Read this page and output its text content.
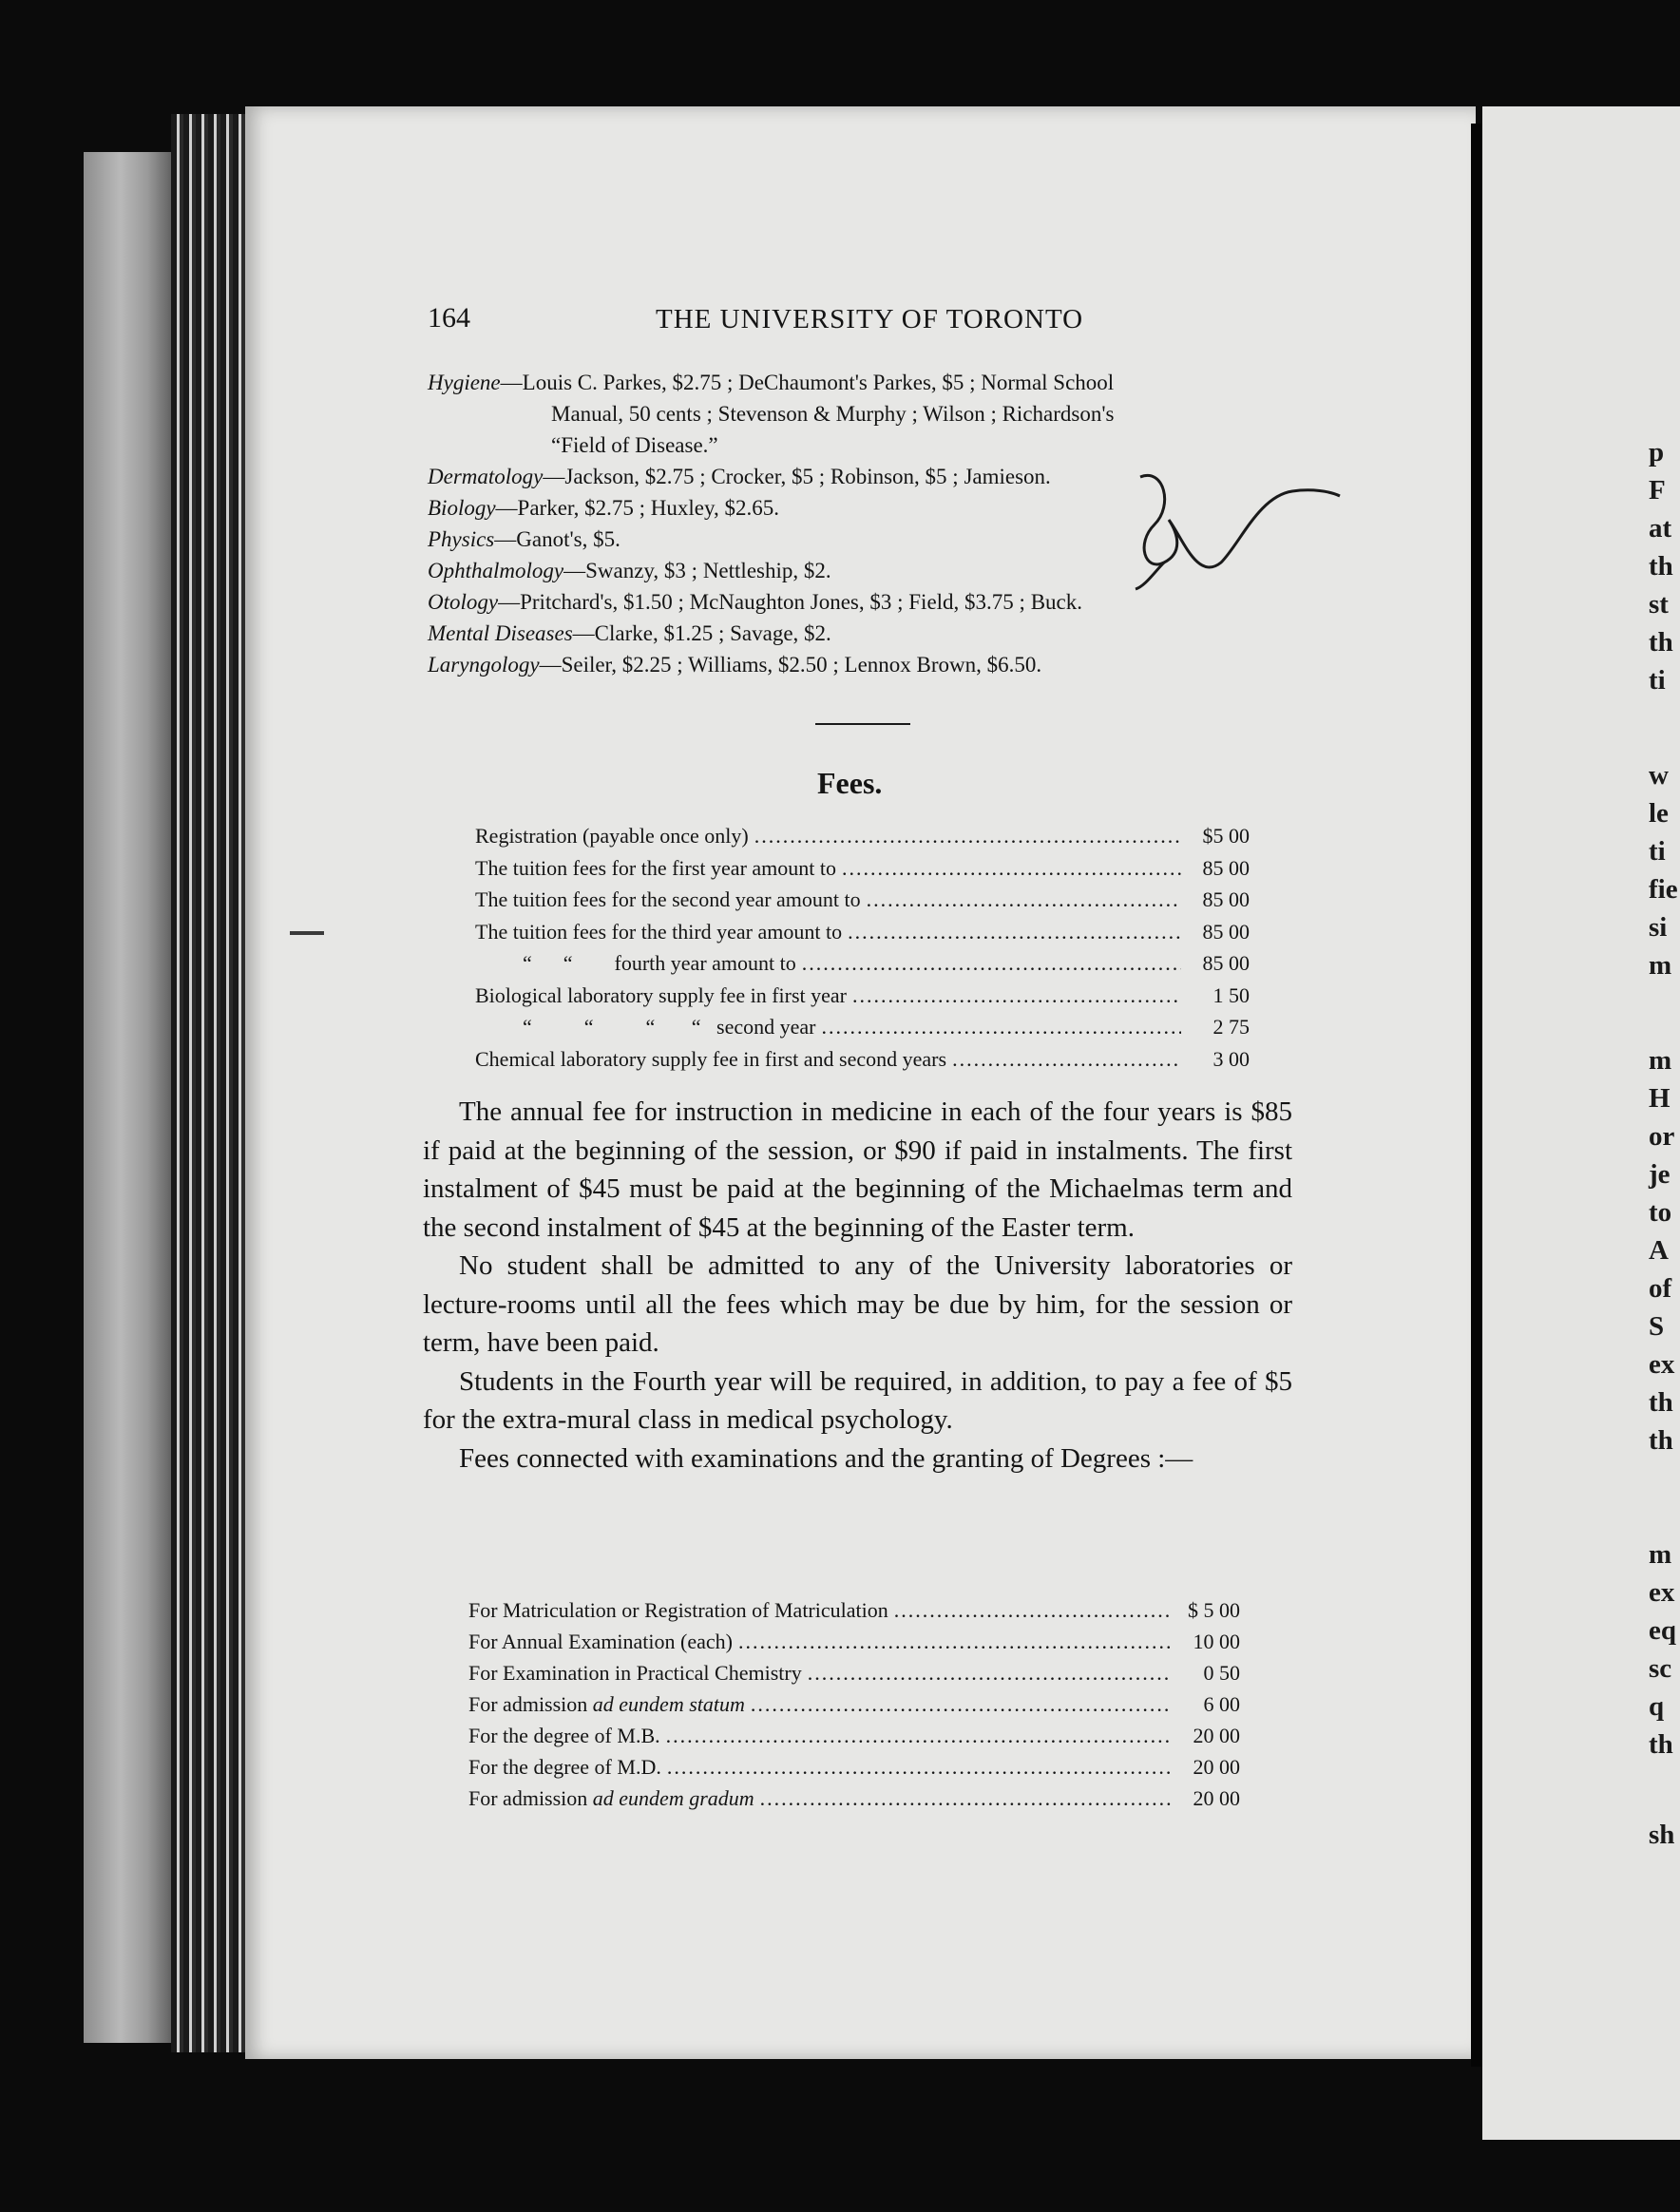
164	THE UNIVERSITY OF TORONTO
Hygiene—Louis C. Parkes, $2.75 ; DeChaumont's Parkes, $5 ; Normal School
Manual, 50 cents ; Stevenson & Murphy ; Wilson ; Richardson's
“Field of Disease.”
Dermatology—Jackson, $2.75 ; Crocker, $5 ; Robinson, $5 ; Jamieson.
Biology—Parker, $2.75 ; Huxley, $2.65.
Physics—Ganot's, $5.
Ophthalmology—Swanzy, $3 ; Nettleship, $2.
Otology—Pritchard's, $1.50 ; McNaughton Jones, $3 ; Field, $3.75 ; Buck.
Mental Diseases—Clarke, $1.25 ; Savage, $2.
Laryngology—Seiler, $2.25 ; Williams, $2.50 ; Lennox Brown, $6.50.
Fees.
Registration (payable once only) .....	$5 00
The tuition fees for the first year amount to .....	85 00
The tuition fees for the second year amount to .....	85 00
The tuition fees for the third year amount to .....	85 00
“      “        fourth year amount to .....	85 00
Biological laboratory supply fee in first year .....	1 50
“          “          “       “   second year .....	2 75
Chemical laboratory supply fee in first and second years .....	3 00

The annual fee for instruction in medicine in each of the four years is $85 if paid at the beginning of the session, or $90 if paid in instalments. The first instalment of $45 must be paid at the beginning of the Michaelmas term and the second instalment of $45 at the beginning of the Easter term.

No student shall be admitted to any of the University laboratories or lecture-rooms until all the fees which may be due by him, for the session or term, have been paid.

Students in the Fourth year will be required, in addition, to pay a fee of $5 for the extra-mural class in medical psychology.

Fees connected with examinations and the granting of Degrees :—

For Matriculation or Registration of Matriculation .....	$ 5 00
For Annual Examination (each) .....	10 00
For Examination in Practical Chemistry .....	0 50
For admission ad eundem statum .....	6 00
For the degree of M.B. .....	20 00
For the degree of M.D. .....	20 00
For admission ad eundem gradum .....	20 00
p
F
at
th
st
th
ti
w
le
ti
fie
si
m
m
H
or
je
to
A
of
S
ex
th
th
m
ex
eq
sc
q
th
sh
